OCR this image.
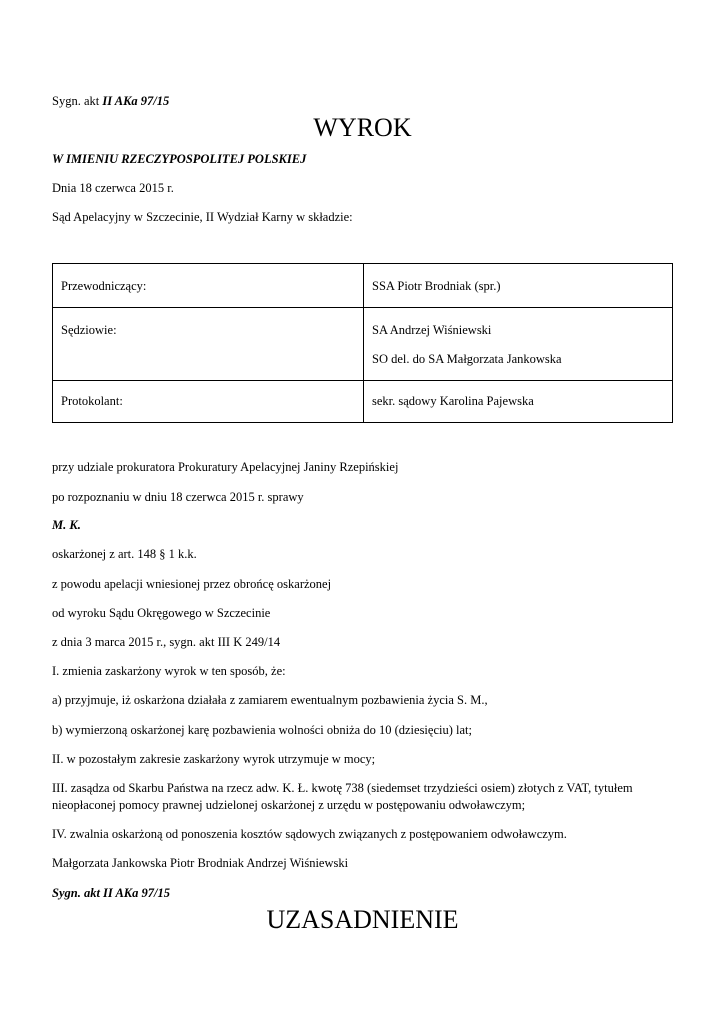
Sygn. akt II AKa 97/15
WYROK
W IMIENIU RZECZYPOSPOLITEJ POLSKIEJ
Dnia 18 czerwca 2015 r.
Sąd Apelacyjny w Szczecinie, II Wydział Karny w składzie:
Przewodniczący:	SSA Piotr Brodniak (spr.)

Sędziowie:	SA Andrzej Wiśniewski
SO del. do SA Małgorzata Jankowska

Protokolant:	sekr. sądowy Karolina Pajewska
przy udziale prokuratora Prokuratury Apelacyjnej Janiny Rzepińskiej
po rozpoznaniu w dniu 18 czerwca 2015 r. sprawy
M. K.
oskarżonej z art. 148 § 1 k.k.
z powodu apelacji wniesionej przez obrońcę oskarżonej
od wyroku Sądu Okręgowego w Szczecinie
z dnia 3 marca 2015 r., sygn. akt III K 249/14
I. zmienia zaskarżony wyrok w ten sposób, że:
a) przyjmuje, iż oskarżona działała z zamiarem ewentualnym pozbawienia życia S. M.,
b) wymierzoną oskarżonej karę pozbawienia wolności obniża do 10 (dziesięciu) lat;
II. w pozostałym zakresie zaskarżony wyrok utrzymuje w mocy;
III. zasądza od Skarbu Państwa na rzecz adw. K. Ł. kwotę 738 (siedemset trzydzieści osiem) złotych z VAT, tytułem
nieopłaconej pomocy prawnej udzielonej oskarżonej z urzędu w postępowaniu odwoławczym;
IV. zwalnia oskarżoną od ponoszenia kosztów sądowych związanych z postępowaniem odwoławczym.
Małgorzata Jankowska Piotr Brodniak Andrzej Wiśniewski
Sygn. akt II AKa 97/15
UZASADNIENIE
